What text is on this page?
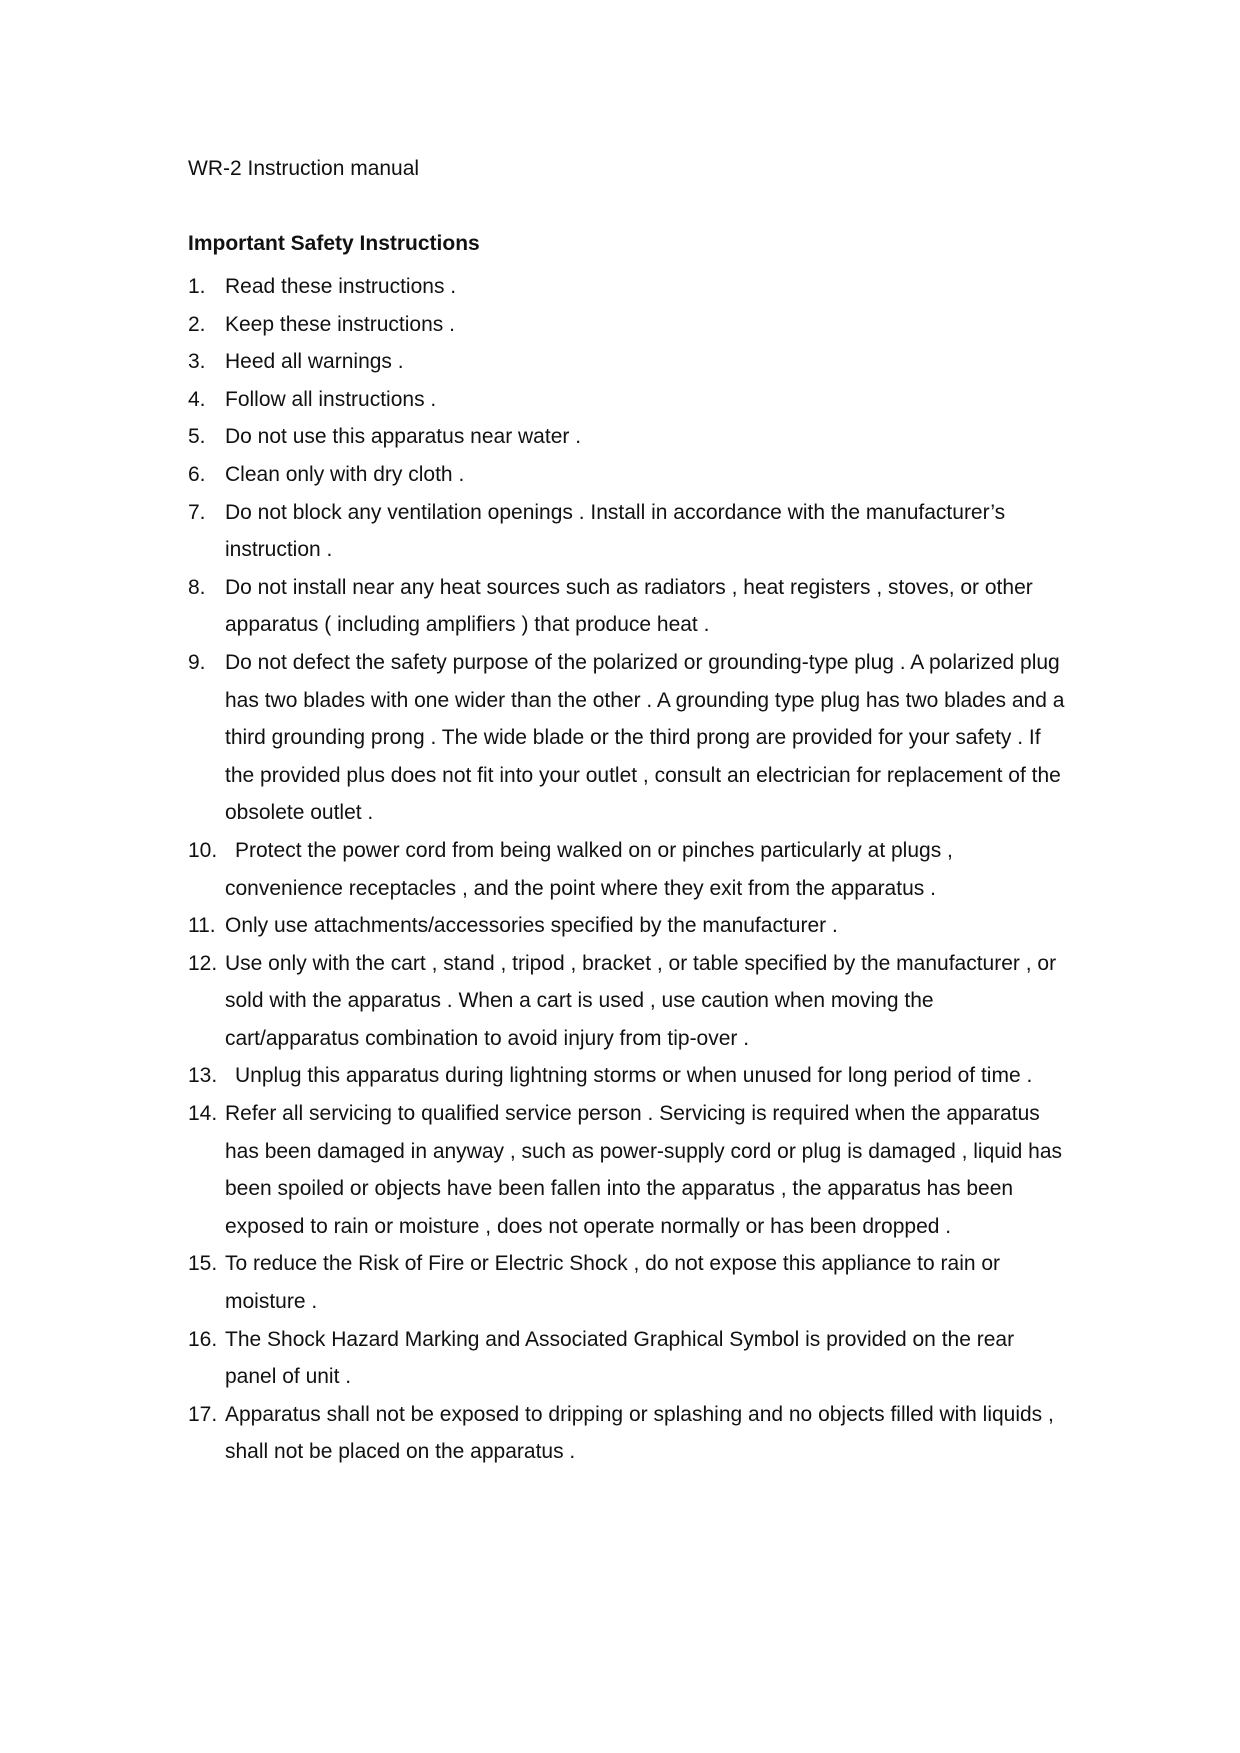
WR-2 Instruction manual

Important Safety Instructions
1. Read these instructions .
2. Keep these instructions .
3. Heed all warnings .
4. Follow all instructions .
5. Do not use this apparatus near water .
6. Clean only with dry cloth .
7. Do not block any ventilation openings . Install in accordance with the manufacturer’s instruction .
8. Do not install near any heat sources such as radiators , heat registers , stoves, or other apparatus ( including amplifiers ) that produce heat .
9. Do not defect the safety purpose of the polarized or grounding-type plug . A polarized plug has two blades with one wider than the other . A grounding type plug has two blades and a third grounding prong . The wide blade or the third prong are provided for your safety . If the provided plus does not fit into your outlet , consult an electrician for replacement of the obsolete outlet .
10. Protect the power cord from being walked on or pinches particularly at plugs , convenience receptacles , and the point where they exit from the apparatus .
11. Only use attachments/accessories specified by the manufacturer .
12. Use only with the cart , stand , tripod , bracket , or table specified by the manufacturer , or sold with the apparatus . When a cart is used , use caution when moving the cart/apparatus combination to avoid injury from tip-over .
13. Unplug this apparatus during lightning storms or when unused for long period of time .
14. Refer all servicing to qualified service person . Servicing is required when the apparatus has been damaged in anyway , such as power-supply cord or plug is damaged , liquid has been spoiled or objects have been fallen into the apparatus , the apparatus has been exposed to rain or moisture , does not operate normally or has been dropped .
15. To reduce the Risk of Fire or Electric Shock , do not expose this appliance to rain or moisture .
16. The Shock Hazard Marking and Associated Graphical Symbol is provided on the rear panel of unit .
17. Apparatus shall not be exposed to dripping or splashing and no objects filled with liquids , shall not be placed on the apparatus .
